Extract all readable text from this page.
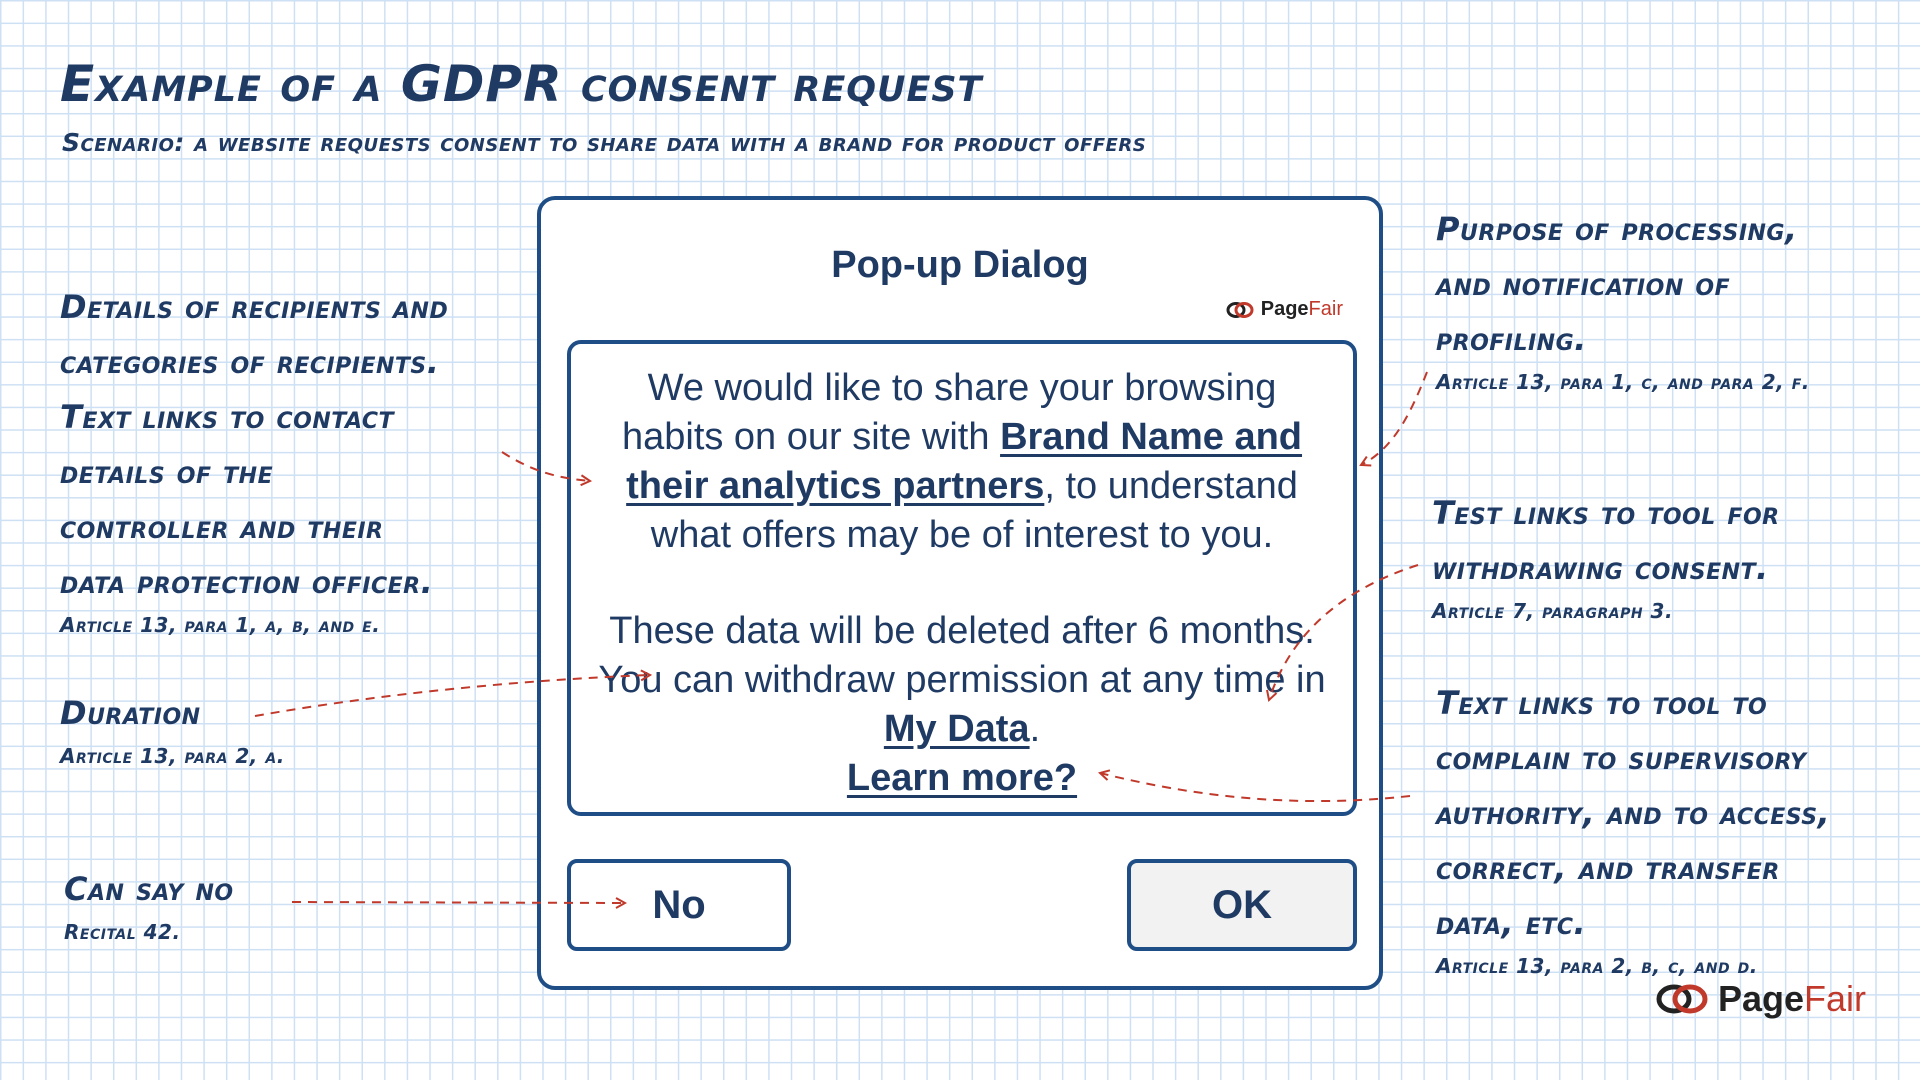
Example of a GDPR consent request
Scenario: a website requests consent to share data with a brand for product offers
Details of recipients and
categories of recipients.
Text links to contact
details of the
controller and their
data protection officer.
Article 13, para 1, a, b, and e.
Duration
Article 13, para 2, a.
Can say no
Recital 42.
Purpose of processing,
and notification of
profiling.
Article 13, para 1, c, and para 2, f.
Test links to tool for
withdrawing consent.
Article 7, paragraph 3.
Text links to tool to
complain to supervisory
authority, and to access,
correct, and transfer
data, etc.
Article 13, para 2, b, c, and d.
Pop-up Dialog
PageFair
We would like to share your browsing habits on our site with Brand Name and their analytics partners, to understand what offers may be of interest to you.
These data will be deleted after 6 months. You can withdraw permission at any time in My Data.
Learn more?
No	OK
PageFair
